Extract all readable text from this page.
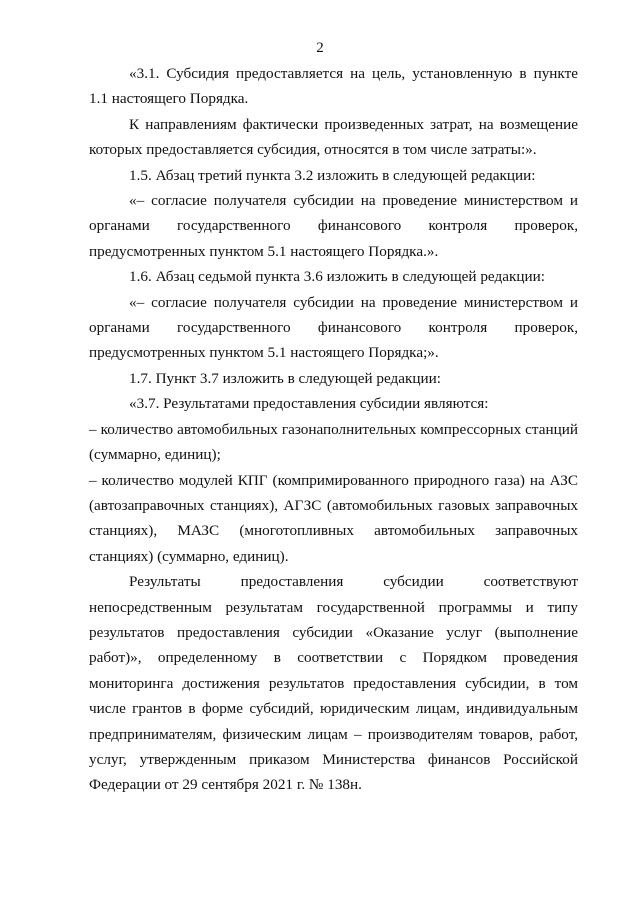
2

«3.1. Субсидия предоставляется на цель, установленную в пункте 1.1 настоящего Порядка.

К направлениям фактически произведенных затрат, на возмещение которых предоставляется субсидия, относятся в том числе затраты:».

1.5. Абзац третий пункта 3.2 изложить в следующей редакции:

«– согласие получателя субсидии на проведение министерством и органами государственного финансового контроля проверок, предусмотренных пунктом 5.1 настоящего Порядка.».

1.6. Абзац седьмой пункта 3.6 изложить в следующей редакции:

«– согласие получателя субсидии на проведение министерством и органами государственного финансового контроля проверок, предусмотренных пунктом 5.1 настоящего Порядка;».

1.7. Пункт 3.7 изложить в следующей редакции:

«3.7. Результатами предоставления субсидии являются:

– количество автомобильных газонаполнительных компрессорных станций (суммарно, единиц);

– количество модулей КПГ (компримированного природного газа) на АЗС (автозаправочных станциях), АГЗС (автомобильных газовых заправочных станциях), МАЗС (многотопливных автомобильных заправочных станциях) (суммарно, единиц).

Результаты предоставления субсидии соответствуют непосредственным результатам государственной программы и типу результатов предоставления субсидии «Оказание услуг (выполнение работ)», определенному в соответствии с Порядком проведения мониторинга достижения результатов предоставления субсидии, в том числе грантов в форме субсидий, юридическим лицам, индивидуальным предпринимателям, физическим лицам – производителям товаров, работ, услуг, утвержденным приказом Министерства финансов Российской Федерации от 29 сентября 2021 г. № 138н.
